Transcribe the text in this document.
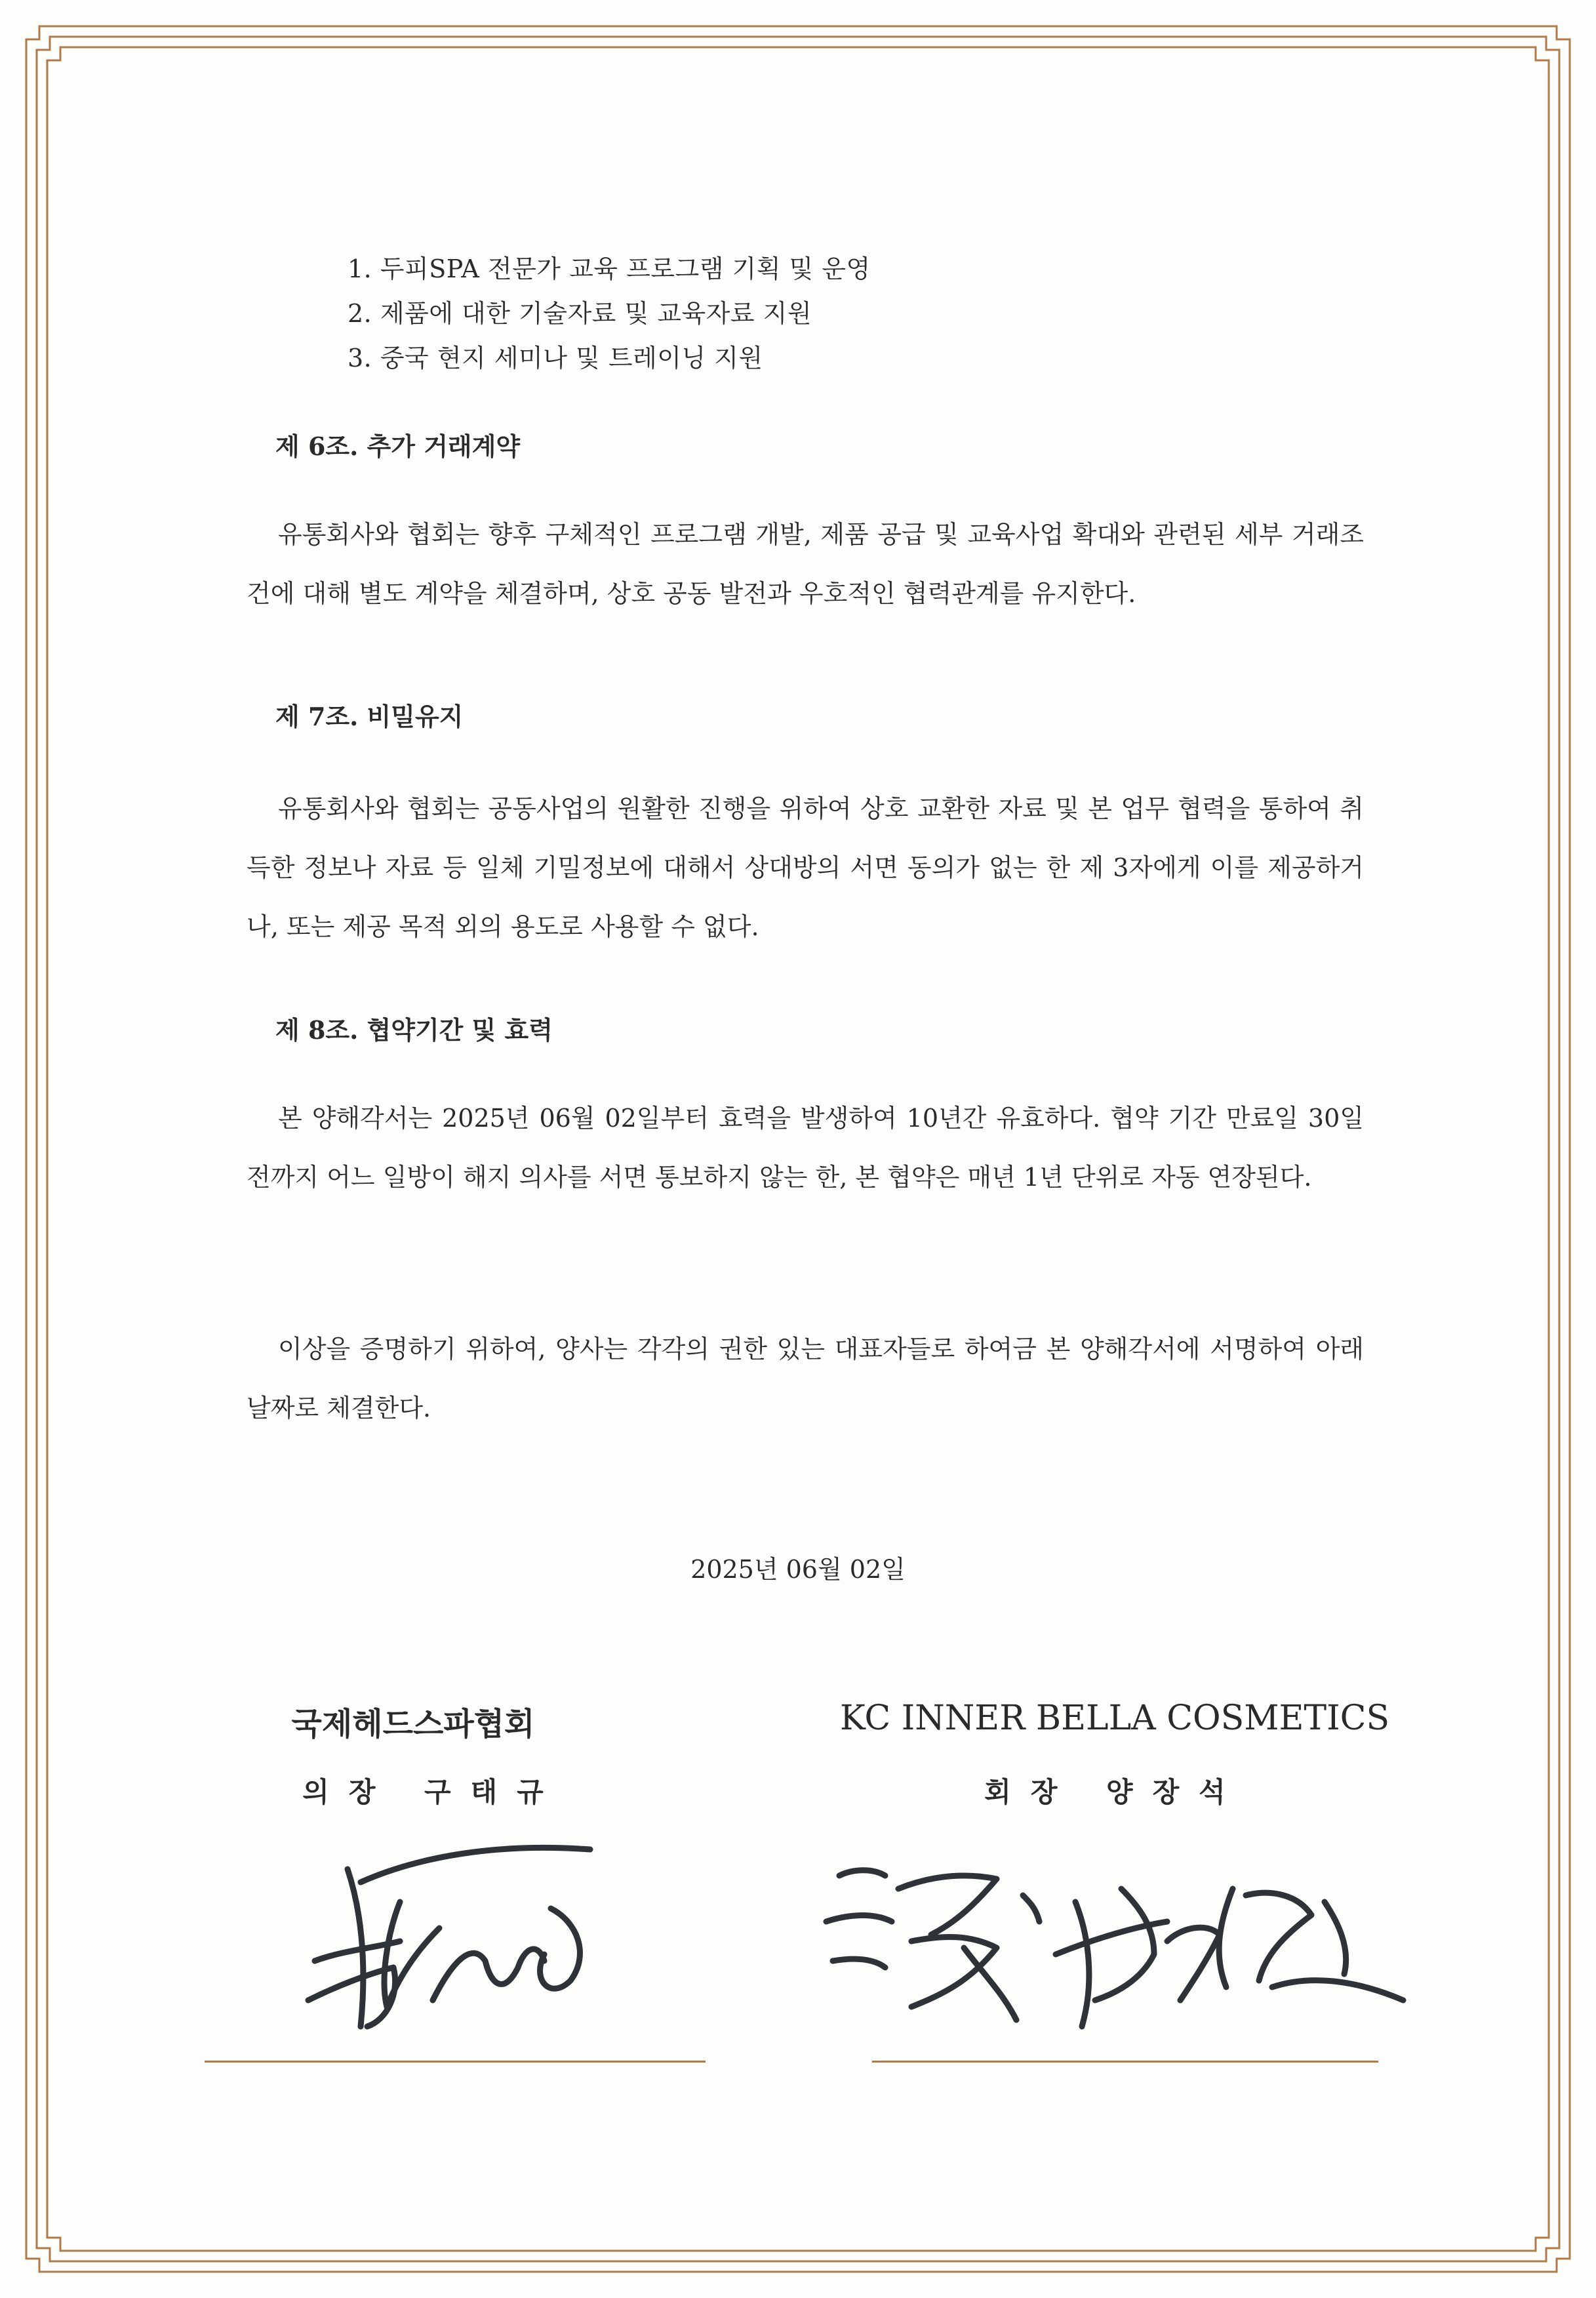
1. 두피SPA 전문가 교육 프로그램 기획 및 운영
2. 제품에 대한 기술자료 및 교육자료 지원
3. 중국 현지 세미나 및 트레이닝 지원
제 6조. 추가 거래계약
유통회사와 협회는 향후 구체적인 프로그램 개발, 제품 공급 및 교육사업 확대와 관련된 세부 거래조건에 대해 별도 계약을 체결하며, 상호 공동 발전과 우호적인 협력관계를 유지한다.
제 7조. 비밀유지
유통회사와 협회는 공동사업의 원활한 진행을 위하여 상호 교환한 자료 및 본 업무 협력을 통하여 취득한 정보나 자료 등 일체 기밀정보에 대해서 상대방의 서면 동의가 없는 한 제 3자에게 이를 제공하거나, 또는 제공 목적 외의 용도로 사용할 수 없다.
제 8조. 협약기간 및 효력
본 양해각서는 2025년 06월 02일부터 효력을 발생하여 10년간 유효하다. 협약 기간 만료일 30일 전까지 어느 일방이 해지 의사를 서면 통보하지 않는 한, 본 협약은 매년 1년 단위로 자동 연장된다.
이상을 증명하기 위하여, 양사는 각각의 권한 있는 대표자들로 하여금 본 양해각서에 서명하여 아래 날짜로 체결한다.
2025년 06월 02일
국제헤드스파협회
의장 구태규
KC INNER BELLA COSMETICS
회장 양장석
